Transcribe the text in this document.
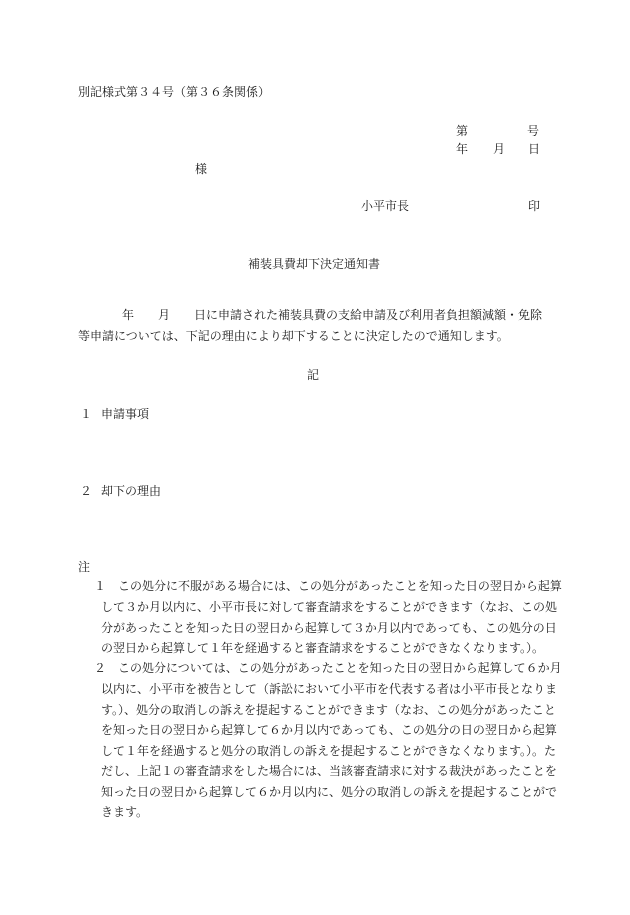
別記様式第３４号（第３６条関係）
第	号
年 月 日
様
小平市長	印
補装具費却下決定通知書
年　　月　　日に申請された補装具費の支給申請及び利用者負担額減額・免除
等申請については、下記の理由により却下することに決定したので通知します。
記
１ 申請事項
２ 却下の理由
注
１　この処分に不服がある場合には、この処分があったことを知った日の翌日から起算
して３か月以内に、小平市長に対して審査請求をすることができます（なお、この処
分があったことを知った日の翌日から起算して３か月以内であっても、この処分の日
の翌日から起算して１年を経過すると審査請求をすることができなくなります。）。
２　この処分については、この処分があったことを知った日の翌日から起算して６か月
以内に、小平市を被告として（訴訟において小平市を代表する者は小平市長となりま
す。）、処分の取消しの訴えを提起することができます（なお、この処分があったこと
を知った日の翌日から起算して６か月以内であっても、この処分の日の翌日から起算
して１年を経過すると処分の取消しの訴えを提起することができなくなります。）。た
だし、上記１の審査請求をした場合には、当該審査請求に対する裁決があったことを
知った日の翌日から起算して６か月以内に、処分の取消しの訴えを提起することがで
きます。
